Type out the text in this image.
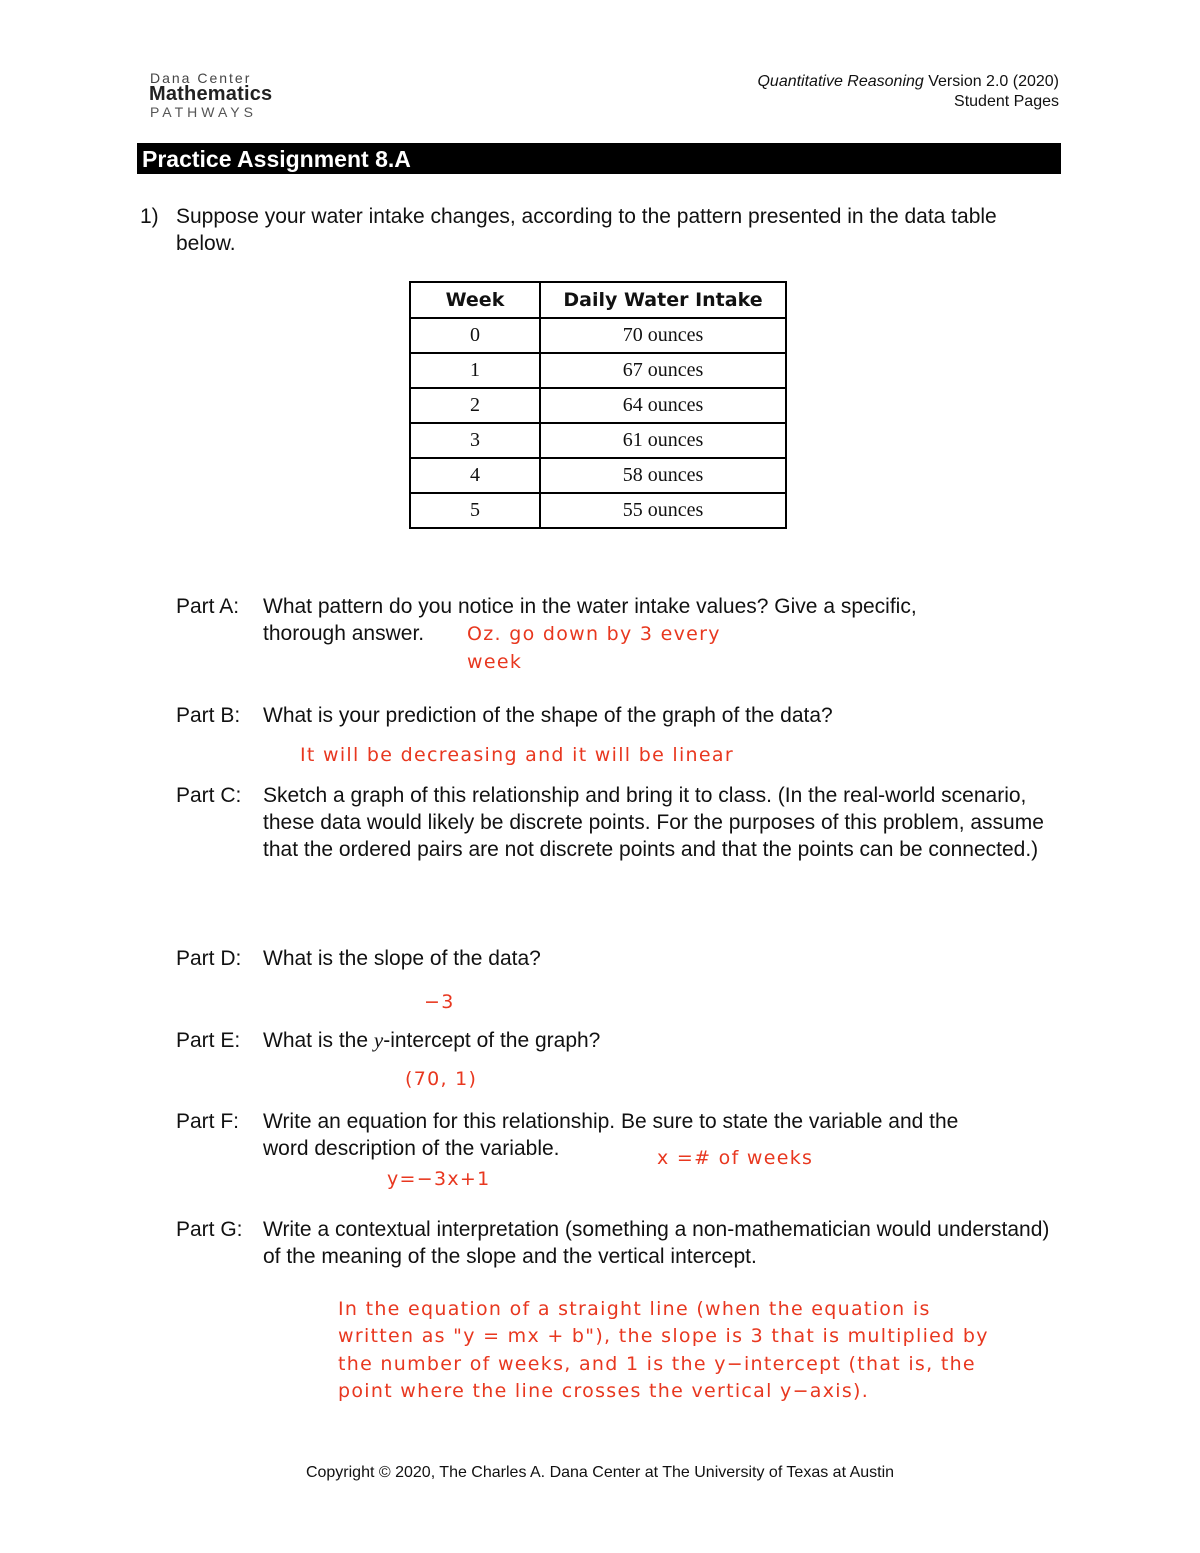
Dana Center
Mathematics
PATHWAYS
Quantitative Reasoning Version 2.0 (2020)
Student Pages
Practice Assignment 8.A
1) Suppose your water intake changes, according to the pattern presented in the data table below.
Week	Daily Water Intake
0	70 ounces
1	67 ounces
2	64 ounces
3	61 ounces
4	58 ounces
5	55 ounces
Part A: What pattern do you notice in the water intake values? Give a specific,
thorough answer.	Oz. go down by 3 every
week
Part B: What is your prediction of the shape of the graph of the data?
It will be decreasing and it will be linear
Part C: Sketch a graph of this relationship and bring it to class. (In the real-world scenario, these data would likely be discrete points. For the purposes of this problem, assume that the ordered pairs are not discrete points and that the points can be connected.)
Part D: What is the slope of the data?
−3
Part E: What is the y-intercept of the graph?
(70, 1)
Part F: Write an equation for this relationship. Be sure to state the variable and the
word description of the variable.	x =# of weeks
y=−3x+1
Part G: Write a contextual interpretation (something a non-mathematician would understand) of the meaning of the slope and the vertical intercept.
In the equation of a straight line (when the equation is
written as "y = mx + b"), the slope is 3 that is multiplied by
the number of weeks, and 1 is the y−intercept (that is, the
point where the line crosses the vertical y−axis).
Copyright © 2020, The Charles A. Dana Center at The University of Texas at Austin
